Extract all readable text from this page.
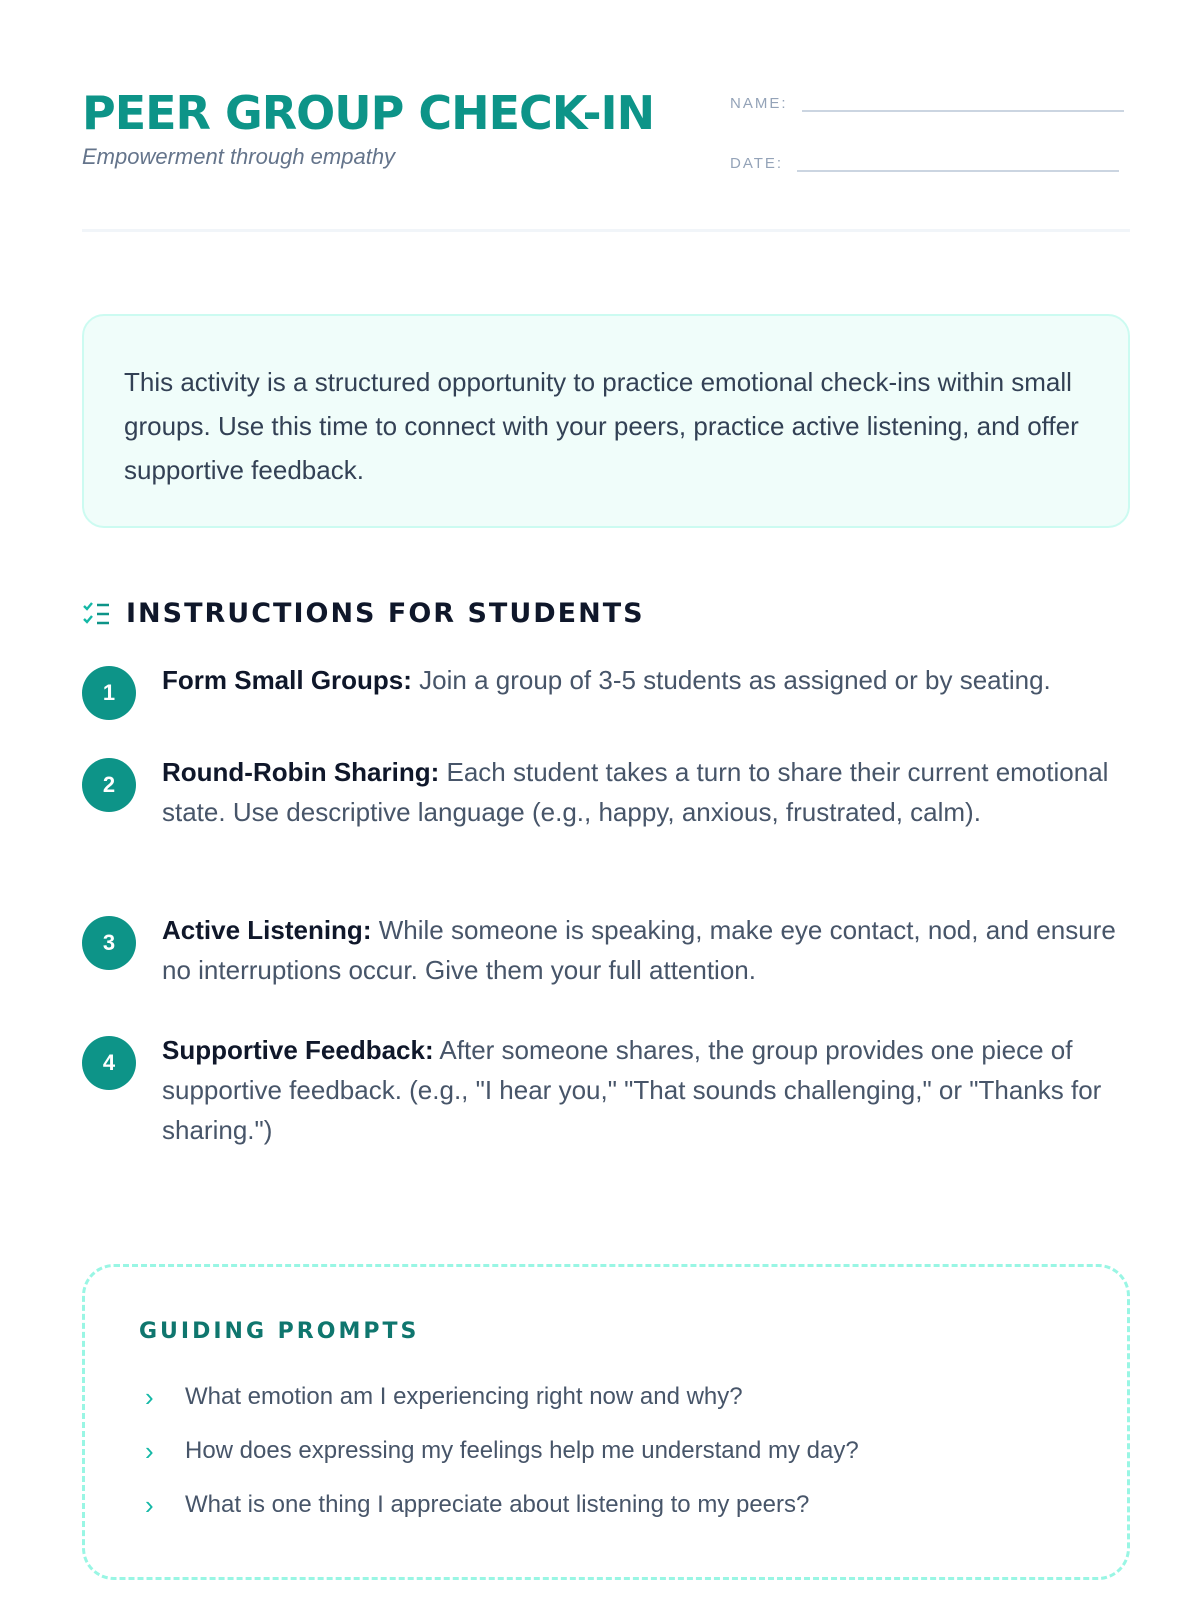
PEER GROUP CHECK-IN
Empowerment through empathy
NAME:
DATE:
This activity is a structured opportunity to practice emotional check-ins within small groups. Use this time to connect with your peers, practice active listening, and offer supportive feedback.
INSTRUCTIONS FOR STUDENTS
1	Form Small Groups: Join a group of 3-5 students as assigned or by seating.
2	Round-Robin Sharing: Each student takes a turn to share their current emotional state. Use descriptive language (e.g., happy, anxious, frustrated, calm).
3	Active Listening: While someone is speaking, make eye contact, nod, and ensure no interruptions occur. Give them your full attention.
4	Supportive Feedback: After someone shares, the group provides one piece of supportive feedback. (e.g., "I hear you," "That sounds challenging," or "Thanks for sharing.")
GUIDING PROMPTS
›	What emotion am I experiencing right now and why?
›	How does expressing my feelings help me understand my day?
›	What is one thing I appreciate about listening to my peers?
